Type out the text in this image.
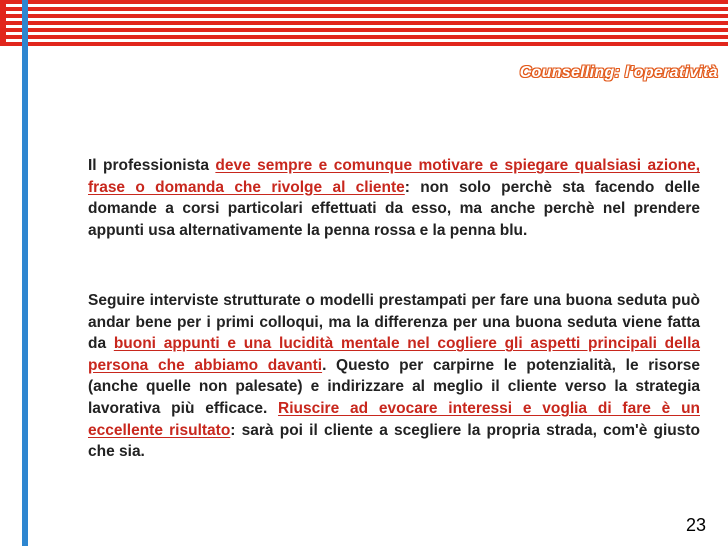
Counselling: l'operatività
Il professionista deve sempre e comunque motivare e spiegare qualsiasi azione, frase o domanda che rivolge al cliente: non solo perchè sta facendo delle domande a corsi particolari effettuati da esso, ma anche perchè nel prendere appunti usa alternativamente la penna rossa e la penna blu.
Seguire interviste strutturate o modelli prestampati per fare una buona seduta può andar bene per i primi colloqui, ma la differenza per una buona seduta viene fatta da buoni appunti e una lucidità mentale nel cogliere gli aspetti principali della persona che abbiamo davanti. Questo per carpirne le potenzialità, le risorse (anche quelle non palesate) e indirizzare al meglio il cliente verso la strategia lavorativa più efficace. Riuscire ad evocare interessi e voglia di fare è un eccellente risultato: sarà poi il cliente a scegliere la propria strada, com'è giusto che sia.
23
